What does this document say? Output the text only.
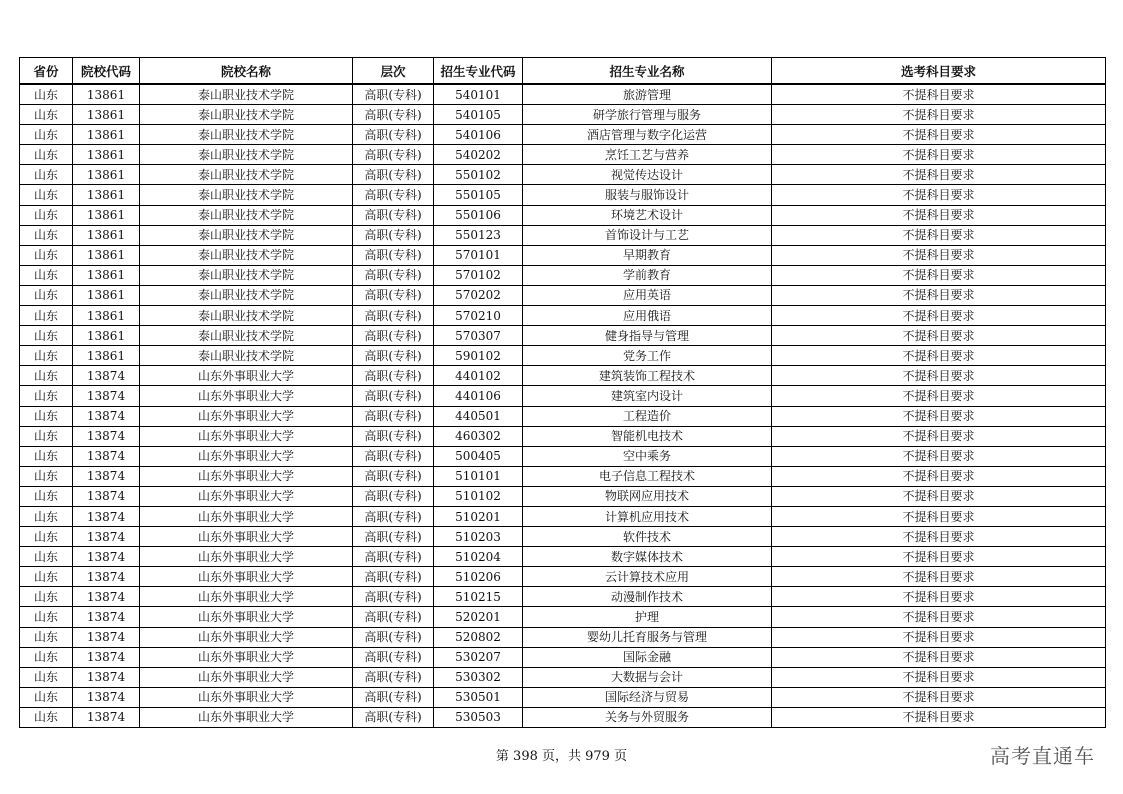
省份	院校代码	院校名称	层次	招生专业代码	招生专业名称	选考科目要求
山东	13861	泰山职业技术学院	高职(专科)	540101	旅游管理	不提科目要求
山东	13861	泰山职业技术学院	高职(专科)	540105	研学旅行管理与服务	不提科目要求
山东	13861	泰山职业技术学院	高职(专科)	540106	酒店管理与数字化运营	不提科目要求
山东	13861	泰山职业技术学院	高职(专科)	540202	烹饪工艺与营养	不提科目要求
山东	13861	泰山职业技术学院	高职(专科)	550102	视觉传达设计	不提科目要求
山东	13861	泰山职业技术学院	高职(专科)	550105	服装与服饰设计	不提科目要求
山东	13861	泰山职业技术学院	高职(专科)	550106	环境艺术设计	不提科目要求
山东	13861	泰山职业技术学院	高职(专科)	550123	首饰设计与工艺	不提科目要求
山东	13861	泰山职业技术学院	高职(专科)	570101	早期教育	不提科目要求
山东	13861	泰山职业技术学院	高职(专科)	570102	学前教育	不提科目要求
山东	13861	泰山职业技术学院	高职(专科)	570202	应用英语	不提科目要求
山东	13861	泰山职业技术学院	高职(专科)	570210	应用俄语	不提科目要求
山东	13861	泰山职业技术学院	高职(专科)	570307	健身指导与管理	不提科目要求
山东	13861	泰山职业技术学院	高职(专科)	590102	党务工作	不提科目要求
山东	13874	山东外事职业大学	高职(专科)	440102	建筑装饰工程技术	不提科目要求
山东	13874	山东外事职业大学	高职(专科)	440106	建筑室内设计	不提科目要求
山东	13874	山东外事职业大学	高职(专科)	440501	工程造价	不提科目要求
山东	13874	山东外事职业大学	高职(专科)	460302	智能机电技术	不提科目要求
山东	13874	山东外事职业大学	高职(专科)	500405	空中乘务	不提科目要求
山东	13874	山东外事职业大学	高职(专科)	510101	电子信息工程技术	不提科目要求
山东	13874	山东外事职业大学	高职(专科)	510102	物联网应用技术	不提科目要求
山东	13874	山东外事职业大学	高职(专科)	510201	计算机应用技术	不提科目要求
山东	13874	山东外事职业大学	高职(专科)	510203	软件技术	不提科目要求
山东	13874	山东外事职业大学	高职(专科)	510204	数字媒体技术	不提科目要求
山东	13874	山东外事职业大学	高职(专科)	510206	云计算技术应用	不提科目要求
山东	13874	山东外事职业大学	高职(专科)	510215	动漫制作技术	不提科目要求
山东	13874	山东外事职业大学	高职(专科)	520201	护理	不提科目要求
山东	13874	山东外事职业大学	高职(专科)	520802	婴幼儿托育服务与管理	不提科目要求
山东	13874	山东外事职业大学	高职(专科)	530207	国际金融	不提科目要求
山东	13874	山东外事职业大学	高职(专科)	530302	大数据与会计	不提科目要求
山东	13874	山东外事职业大学	高职(专科)	530501	国际经济与贸易	不提科目要求
山东	13874	山东外事职业大学	高职(专科)	530503	关务与外贸服务	不提科目要求
第 398 页，共 979 页	高考直通车
